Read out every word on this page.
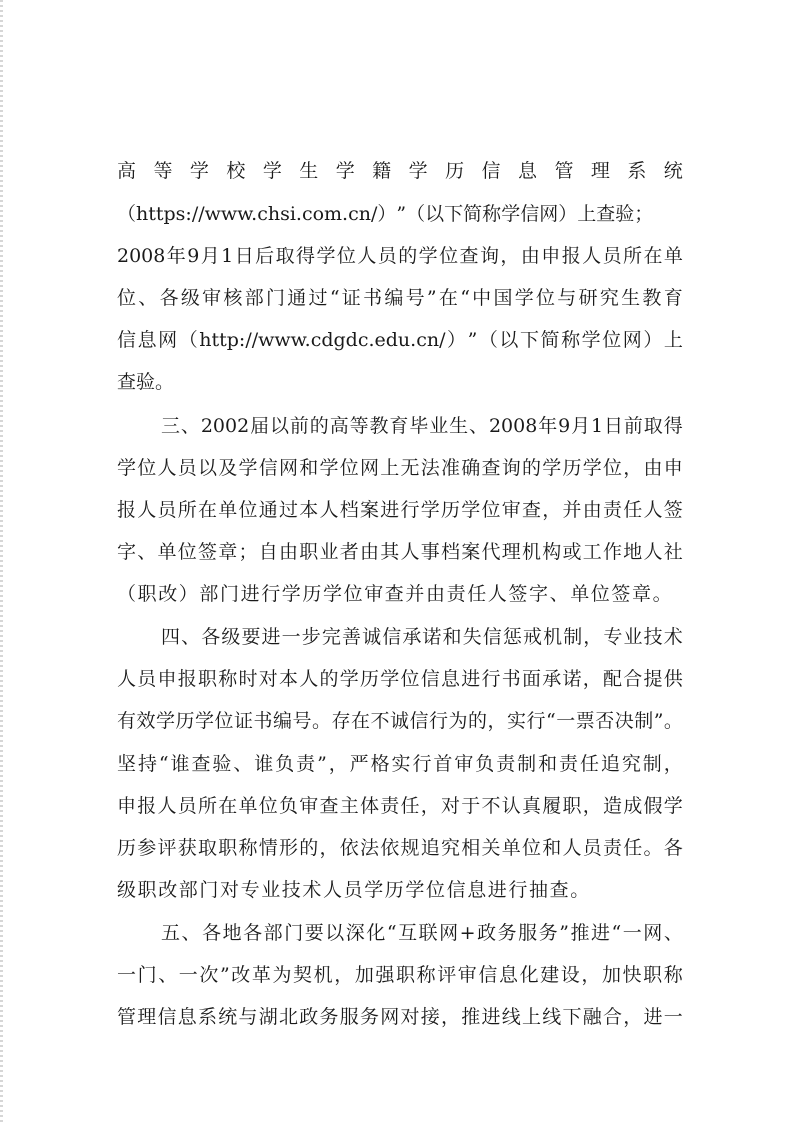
高 等 学 校 学 生 学 籍 学 历 信 息 管 理 系 统
（ https://www.chsi.com.cn/ ） ” （ 以 下 简 称 学 信 网 ） 上 查 验 ；
2008 年 9 月 1 日 后 取 得 学 位 人 员 的 学 位 查 询 ， 由 申 报 人 员 所 在 单
位 、 各 级 审 核 部 门 通 过 “ 证 书 编 号 ” 在 “ 中 国 学 位 与 研 究 生 教 育
信 息 网 （ http://www.cdgdc.edu.cn/ ） ” （ 以 下 简 称 学 位 网 ） 上
查验。
三 、 2002 届 以 前 的 高 等 教 育 毕 业 生 、 2008 年 9 月 1 日 前 取 得
学 位 人 员 以 及 学 信 网 和 学 位 网 上 无 法 准 确 查 询 的 学 历 学 位 ， 由 申
报 人 员 所 在 单 位 通 过 本 人 档 案 进 行 学 历 学 位 审 查 ， 并 由 责 任 人 签
字 、 单 位 签 章 ； 自 由 职 业 者 由 其 人 事 档 案 代 理 机 构 或 工 作 地 人 社
（职改）部门进行学历学位审查并由责任人签字、单位签章。
四 、 各 级 要 进 一 步 完 善 诚 信 承 诺 和 失 信 惩 戒 机 制 ， 专 业 技 术
人 员 申 报 职 称 时 对 本 人 的 学 历 学 位 信 息 进 行 书 面 承 诺 ， 配 合 提 供
有 效 学 历 学 位 证 书 编 号 。 存 在 不 诚 信 行 为 的 ， 实 行 “ 一 票 否 决 制 ” 。
坚 持 “ 谁 查 验 、 谁 负 责 ” ， 严 格 实 行 首 审 负 责 制 和 责 任 追 究 制 ，
申 报 人 员 所 在 单 位 负 审 查 主 体 责 任 ， 对 于 不 认 真 履 职 ， 造 成 假 学
历 参 评 获 取 职 称 情 形 的 ， 依 法 依 规 追 究 相 关 单 位 和 人 员 责 任 。 各
级职改部门对专业技术人员学历学位信息进行抽查。
五 、 各 地 各 部 门 要 以 深 化 “ 互 联 网 + 政 务 服 务 ” 推 进 “ 一 网 、
一 门 、 一 次 ” 改 革 为 契 机 ， 加 强 职 称 评 审 信 息 化 建 设 ， 加 快 职 称
管 理 信 息 系 统 与 湖 北 政 务 服 务 网 对 接 ， 推 进 线 上 线 下 融 合 ， 进 一
